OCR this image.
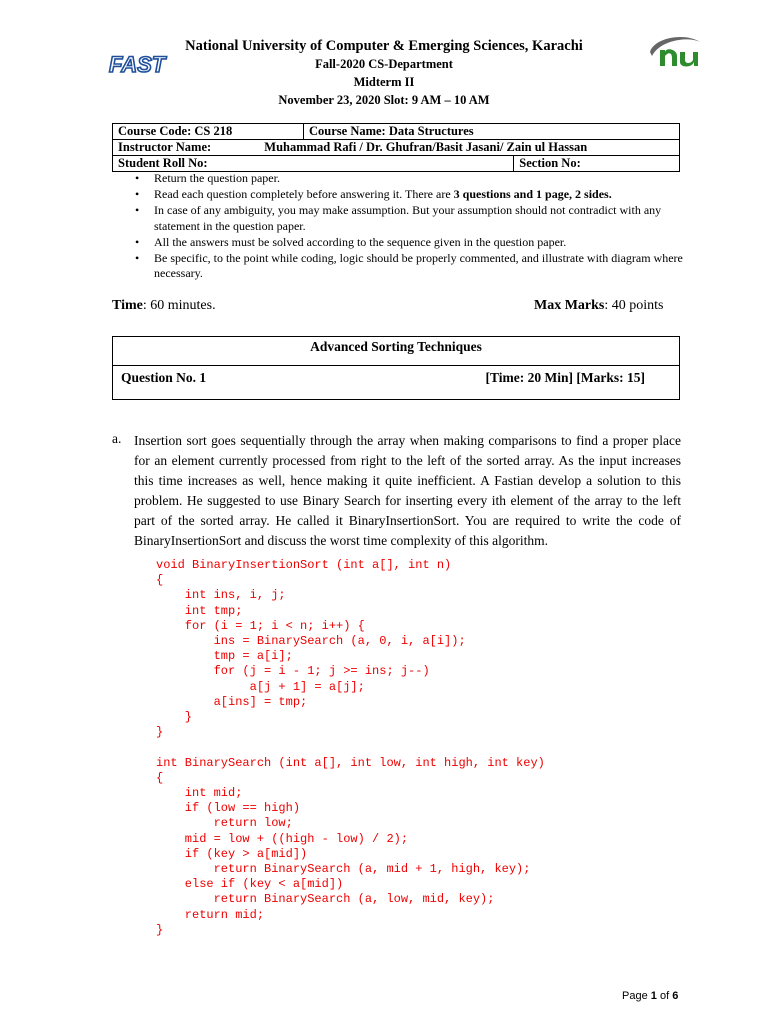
FAST
National University of Computer & Emerging Sciences, Karachi
Fall-2020 CS-Department
Midterm II
November 23, 2020 Slot: 9 AM – 10 AM
Course Code: CS 218	Course Name: Data Structures	
Instructor Name: Muhammad Rafi / Dr. Ghufran/Basit Jasani/ Zain ul Hassan		
Student Roll No:		Section No:
• Return the question paper.
• Read each question completely before answering it. There are 3 questions and 1 page, 2 sides.
• In case of any ambiguity, you may make assumption. But your assumption should not contradict with any statement in the question paper.
• All the answers must be solved according to the sequence given in the question paper.
• Be specific, to the point while coding, logic should be properly commented, and illustrate with diagram where necessary.
Time: 60 minutes.	Max Marks: 40 points
Advanced Sorting Techniques
Question No. 1	[Time: 20 Min] [Marks: 15]
a. Insertion sort goes sequentially through the array when making comparisons to find a proper place for an element currently processed from right to the left of the sorted array. As the input increases this time increases as well, hence making it quite inefficient. A Fastian develop a solution to this problem. He suggested to use Binary Search for inserting every ith element of the array to the left part of the sorted array. He called it BinaryInsertionSort. You are required to write the code of BinaryInsertionSort and discuss the worst time complexity of this algorithm.

void BinaryInsertionSort (int a[], int n)
{
int ins, i, j;
int tmp;
for (i = 1; i < n; i++) {
ins = BinarySearch (a, 0, i, a[i]);
tmp = a[i];
for (j = i - 1; j >= ins; j--)
a[j + 1] = a[j];
a[ins] = tmp;
}
}

int BinarySearch (int a[], int low, int high, int key)
{
int mid;
if (low == high)
return low;
mid = low + ((high - low) / 2);
if (key > a[mid])
return BinarySearch (a, mid + 1, high, key);
else if (key < a[mid])
return BinarySearch (a, low, mid, key);
return mid;
}
Page 1 of 6
